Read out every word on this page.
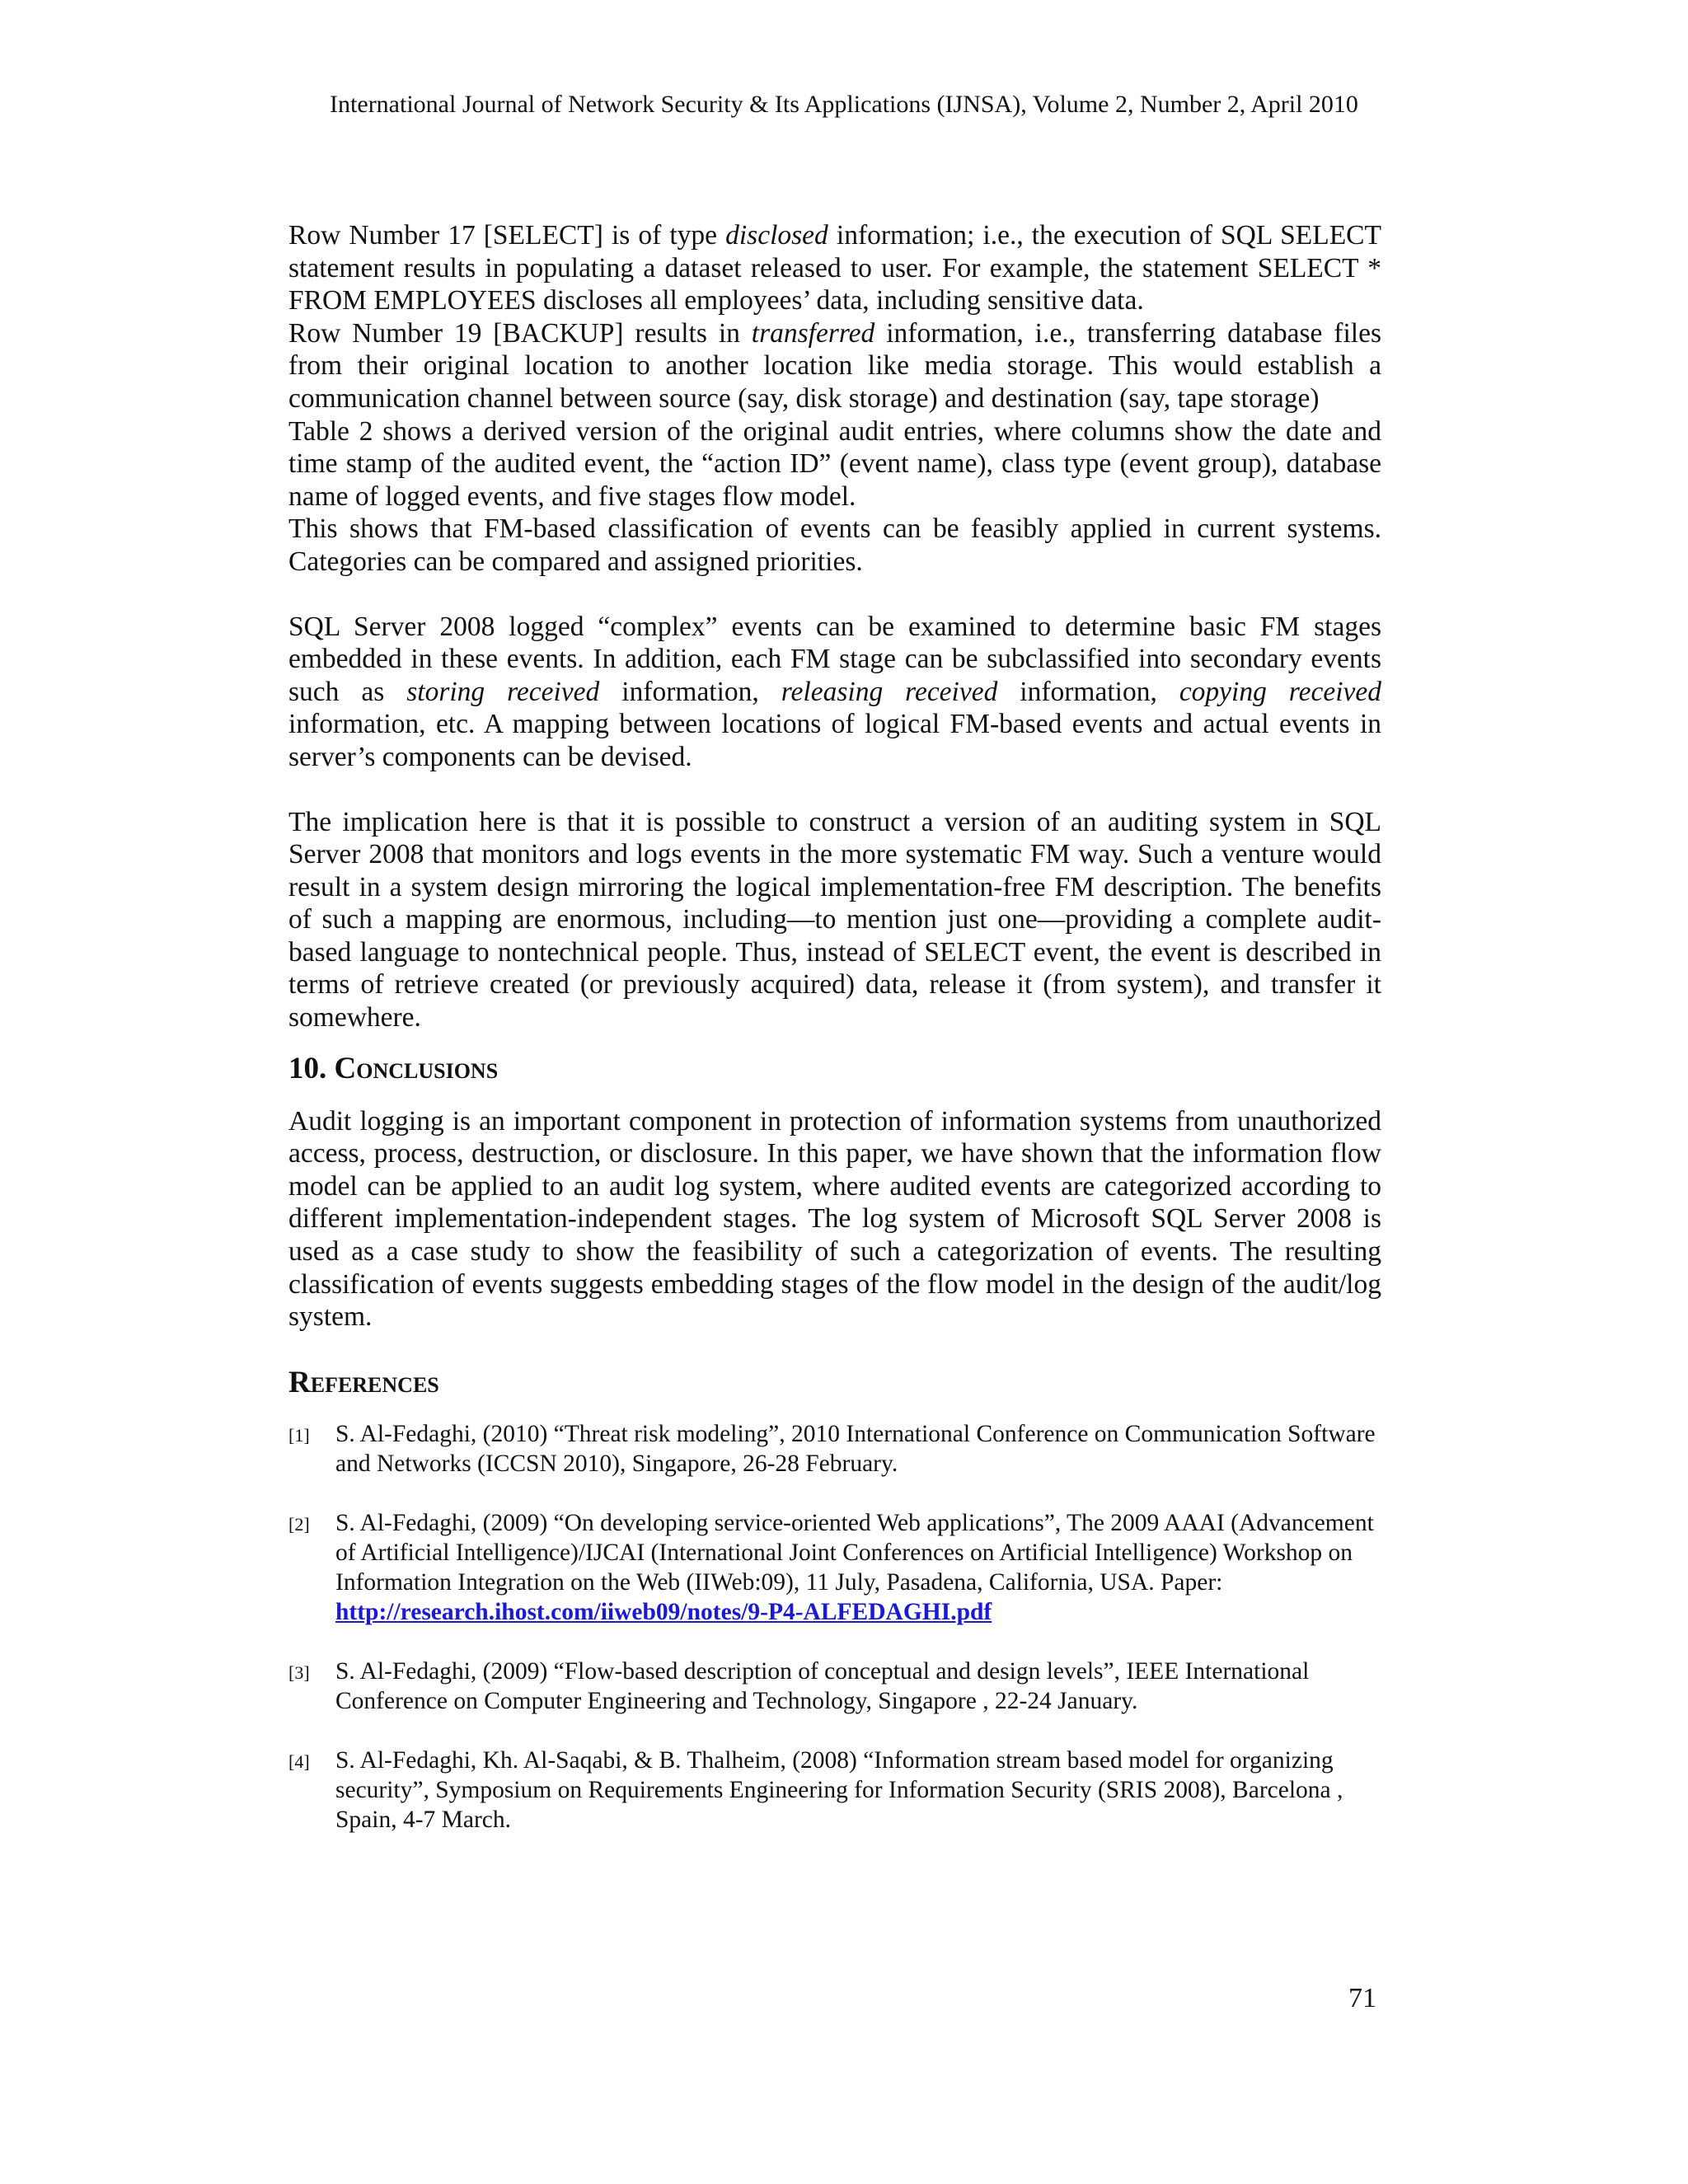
International Journal of Network Security & Its Applications (IJNSA), Volume 2, Number 2, April 2010

Row Number 17 [SELECT] is of type disclosed information; i.e., the execution of SQL SELECT statement results in populating a dataset released to user. For example, the statement SELECT * FROM EMPLOYEES discloses all employees’ data, including sensitive data.

Row Number 19 [BACKUP] results in transferred information, i.e., transferring database files from their original location to another location like media storage. This would establish a communication channel between source (say, disk storage) and destination (say, tape storage)

Table 2 shows a derived version of the original audit entries, where columns show the date and time stamp of the audited event, the “action ID” (event name), class type (event group), database name of logged events, and five stages flow model.

This shows that FM-based classification of events can be feasibly applied in current systems. Categories can be compared and assigned priorities.

SQL Server 2008 logged “complex” events can be examined to determine basic FM stages embedded in these events. In addition, each FM stage can be subclassified into secondary events such as storing received information, releasing received information, copying received information, etc. A mapping between locations of logical FM-based events and actual events in server’s components can be devised.

The implication here is that it is possible to construct a version of an auditing system in SQL Server 2008 that monitors and logs events in the more systematic FM way. Such a venture would result in a system design mirroring the logical implementation-free FM description. The benefits of such a mapping are enormous, including—to mention just one—providing a complete audit-based language to nontechnical people. Thus, instead of SELECT event, the event is described in terms of retrieve created (or previously acquired) data, release it (from system), and transfer it somewhere.

10. Conclusions

Audit logging is an important component in protection of information systems from unauthorized access, process, destruction, or disclosure. In this paper, we have shown that the information flow model can be applied to an audit log system, where audited events are categorized according to different implementation-independent stages. The log system of Microsoft SQL Server 2008 is used as a case study to show the feasibility of such a categorization of events. The resulting classification of events suggests embedding stages of the flow model in the design of the audit/log system.

References
[1] S. Al-Fedaghi, (2010) “Threat risk modeling”, 2010 International Conference on Communication Software and Networks (ICCSN 2010), Singapore, 26-28 February.
[2] S. Al-Fedaghi, (2009) “On developing service-oriented Web applications”, The 2009 AAAI (Advancement of Artificial Intelligence)/IJCAI (International Joint Conferences on Artificial Intelligence) Workshop on Information Integration on the Web (IIWeb:09), 11 July, Pasadena, California, USA. Paper: http://research.ihost.com/iiweb09/notes/9-P4-ALFEDAGHI.pdf
[3] S. Al-Fedaghi, (2009) “Flow-based description of conceptual and design levels”, IEEE International Conference on Computer Engineering and Technology, Singapore , 22-24 January.
[4] S. Al-Fedaghi, Kh. Al-Saqabi, & B. Thalheim, (2008) “Information stream based model for organizing security”, Symposium on Requirements Engineering for Information Security (SRIS 2008), Barcelona , Spain, 4-7 March.
71
